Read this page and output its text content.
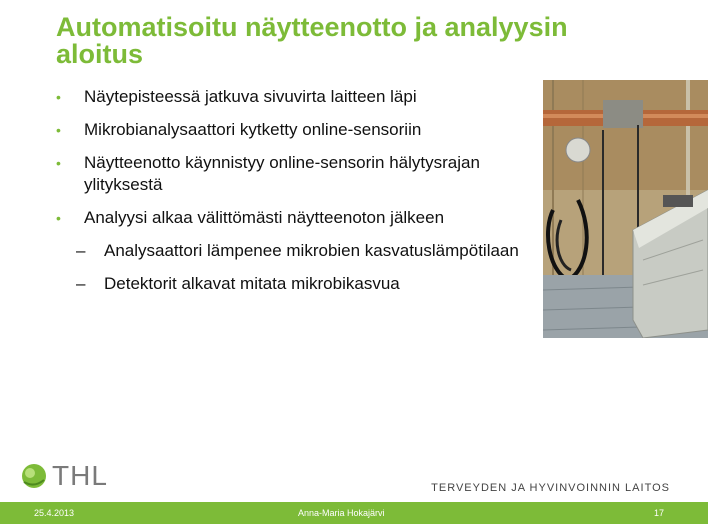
Automatisoitu näytteenotto ja analyysin aloitus
• Näytepisteessä jatkuva sivuvirta laitteen läpi
• Mikrobianalysaattori kytketty online-sensoriin
• Näytteenotto käynnistyy online-sensorin hälytysrajan ylityksestä
• Analyysi alkaa välittömästi näytteenoton jälkeen
– Analysaattori lämpenee mikrobien kasvatuslämpötilaan
– Detektorit alkavat mitata mikrobikasvua
THL	TERVEYDEN JA HYVINVOINNIN LAITOS
25.4.2013	Anna-Maria Hokajärvi	17
